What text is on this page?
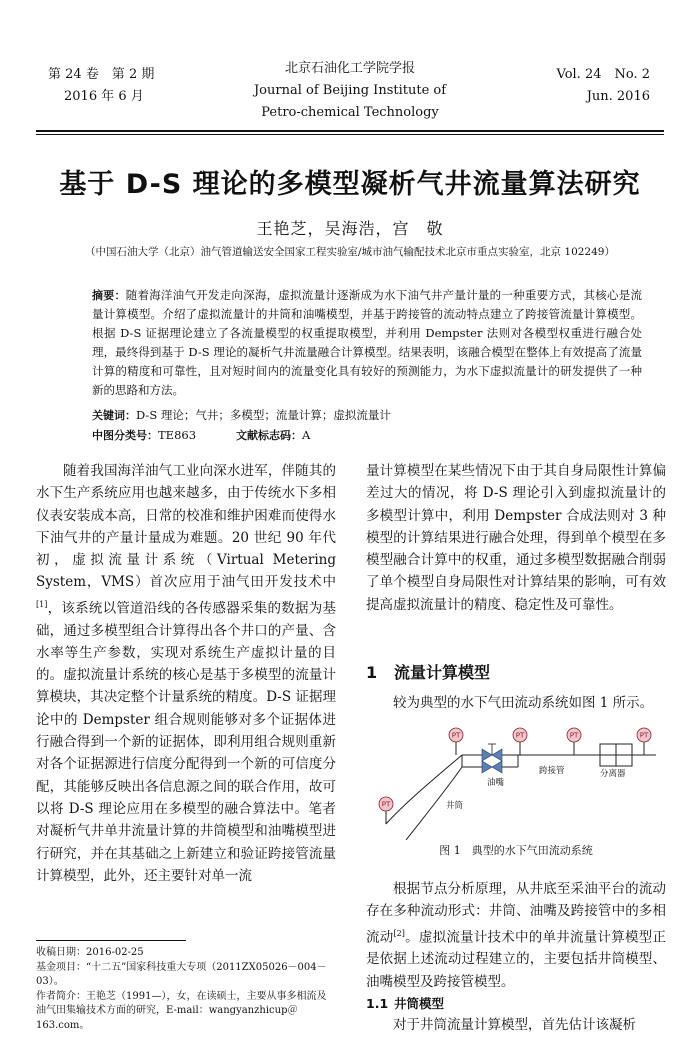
第 24 卷　第 2 期
2016 年 6 月
北京石油化工学院学报
Journal of Beijing Institute of
Petro-chemical Technology
Vol. 24　No. 2
Jun. 2016
基于 D-S 理论的多模型凝析气井流量算法研究
王艳芝，吴海浩，宫　敬
（中国石油大学（北京）油气管道输送安全国家工程实验室/城市油气输配技术北京市重点实验室，北京 102249）
摘要：随着海洋油气开发走向深海，虚拟流量计逐渐成为水下油气井产量计量的一种重要方式，其核心是流量计算模型。介绍了虚拟流量计的井筒和油嘴模型，并基于跨接管的流动特点建立了跨接管流量计算模型。根据 D-S 证据理论建立了各流量模型的权重提取模型，并利用 Dempster 法则对各模型权重进行融合处理，最终得到基于 D-S 理论的凝析气井流量融合计算模型。结果表明，该融合模型在整体上有效提高了流量计算的精度和可靠性，且对短时间内的流量变化具有较好的预测能力，为水下虚拟流量计的研发提供了一种新的思路和方法。
关键词：D-S 理论；气井；多模型；流量计算；虚拟流量计
中图分类号：TE863	文献标志码：A

随着我国海洋油气工业向深水进军，伴随其的水下生产系统应用也越来越多，由于传统水下多相仪表安装成本高，日常的校准和维护困难而使得水下油气井的产量计量成为难题。20 世纪 90 年代初，虚拟流量计系统（Virtual Metering System，VMS）首次应用于油气田开发技术中[1]，该系统以管道沿线的各传感器采集的数据为基础，通过多模型组合计算得出各个井口的产量、含水率等生产参数，实现对系统生产虚拟计量的目的。虚拟流量计系统的核心是基于多模型的流量计算模块，其决定整个计量系统的精度。D-S 证据理论中的 Dempster 组合规则能够对多个证据体进行融合得到一个新的证据体，即利用组合规则重新对各个证据源进行信度分配得到一个新的可信度分配，其能够反映出各信息源之间的联合作用，故可以将 D-S 理论应用在多模型的融合算法中。笔者对凝析气井单井流量计算的井筒模型和油嘴模型进行研究，并在其基础之上新建立和验证跨接管流量计算模型，此外，还主要针对单一流

量计算模型在某些情况下由于其自身局限性计算偏差过大的情况，将 D-S 理论引入到虚拟流量计的多模型计算中，利用 Dempster 合成法则对 3 种模型的计算结果进行融合处理，得到单个模型在多模型融合计算中的权重，通过多模型数据融合削弱了单个模型自身局限性对计算结果的影响，可有效提高虚拟流量计的精度、稳定性及可靠性。

1 流量计算模型

较为典型的水下气田流动系统如图 1 所示。

PT	PT	PT	PT
PT
跨接管	分离器
油嘴
井筒
图 1　典型的水下气田流动系统

根据节点分析原理，从井底至采油平台的流动存在多种流动形式：井筒、油嘴及跨接管中的多相流动[2]。虚拟流量计技术中的单井流量计算模型正是依据上述流动过程建立的，主要包括井筒模型、油嘴模型及跨接管模型。

1.1 井筒模型

对于井筒流量计算模型，首先估计该凝析

收稿日期：2016-02-25
基金项目：“十二五”国家科技重大专项（2011ZX05026－004－03）。
作者简介：王艳芝（1991—），女，在读硕士，主要从事多相流及油气田集输技术方面的研究，E-mail：wangyanzhicup＠163.com。
